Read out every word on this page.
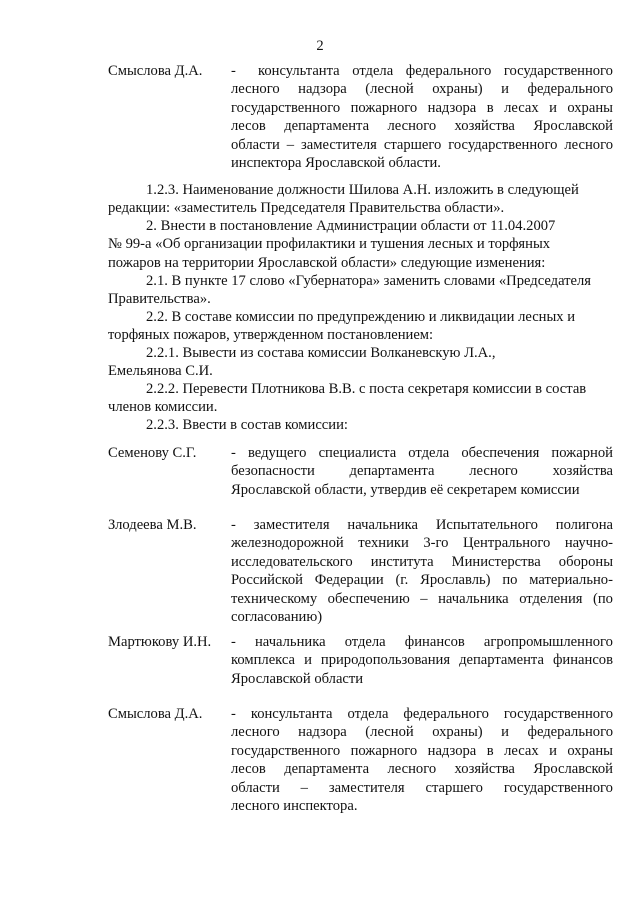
2

Смыслова Д.А. - консультанта отдела федерального государственного
лесного надзора (лесной охраны) и федерального
государственного пожарного надзора в лесах и охраны
лесов департамента лесного хозяйства Ярославской
области – заместителя старшего государственного лесного
инспектора Ярославской области.
1.2.3. Наименование должности Шилова А.Н. изложить в следующей
редакции: «заместитель Председателя Правительства области».
2. Внести в постановление Администрации области от 11.04.2007
№ 99-а «Об организации профилактики и тушения лесных и торфяных
пожаров на территории Ярославской области» следующие изменения:
2.1. В пункте 17 слово «Губернатора» заменить словами «Председателя
Правительства».
2.2. В составе комиссии по предупреждению и ликвидации лесных и
торфяных пожаров, утвержденном постановлением:
2.2.1. Вывести из состава комиссии Волканевскую Л.А.,
Емельянова С.И.
2.2.2. Перевести Плотникова В.В. с поста секретаря комиссии в состав
членов комиссии.
2.2.3. Ввести в состав комиссии:

Семенову С.Г. - ведущего специалиста отдела обеспечения пожарной
безопасности департамента лесного хозяйства
Ярославской области, утвердив её секретарем комиссии

Злодеева М.В. - заместителя начальника Испытательного полигона
железнодорожной техники 3-го Центрального научно-
исследовательского института Министерства обороны
Российской Федерации (г. Ярославль) по материально-
техническому обеспечению – начальника отделения (по
согласованию)

Мартюкову И.Н. - начальника отдела финансов агропромышленного
комплекса и природопользования департамента финансов
Ярославской области

Смыслова Д.А. - консультанта отдела федерального государственного
лесного надзора (лесной охраны) и федерального
государственного пожарного надзора в лесах и охраны
лесов департамента лесного хозяйства Ярославской
области – заместителя старшего государственного
лесного инспектора.
